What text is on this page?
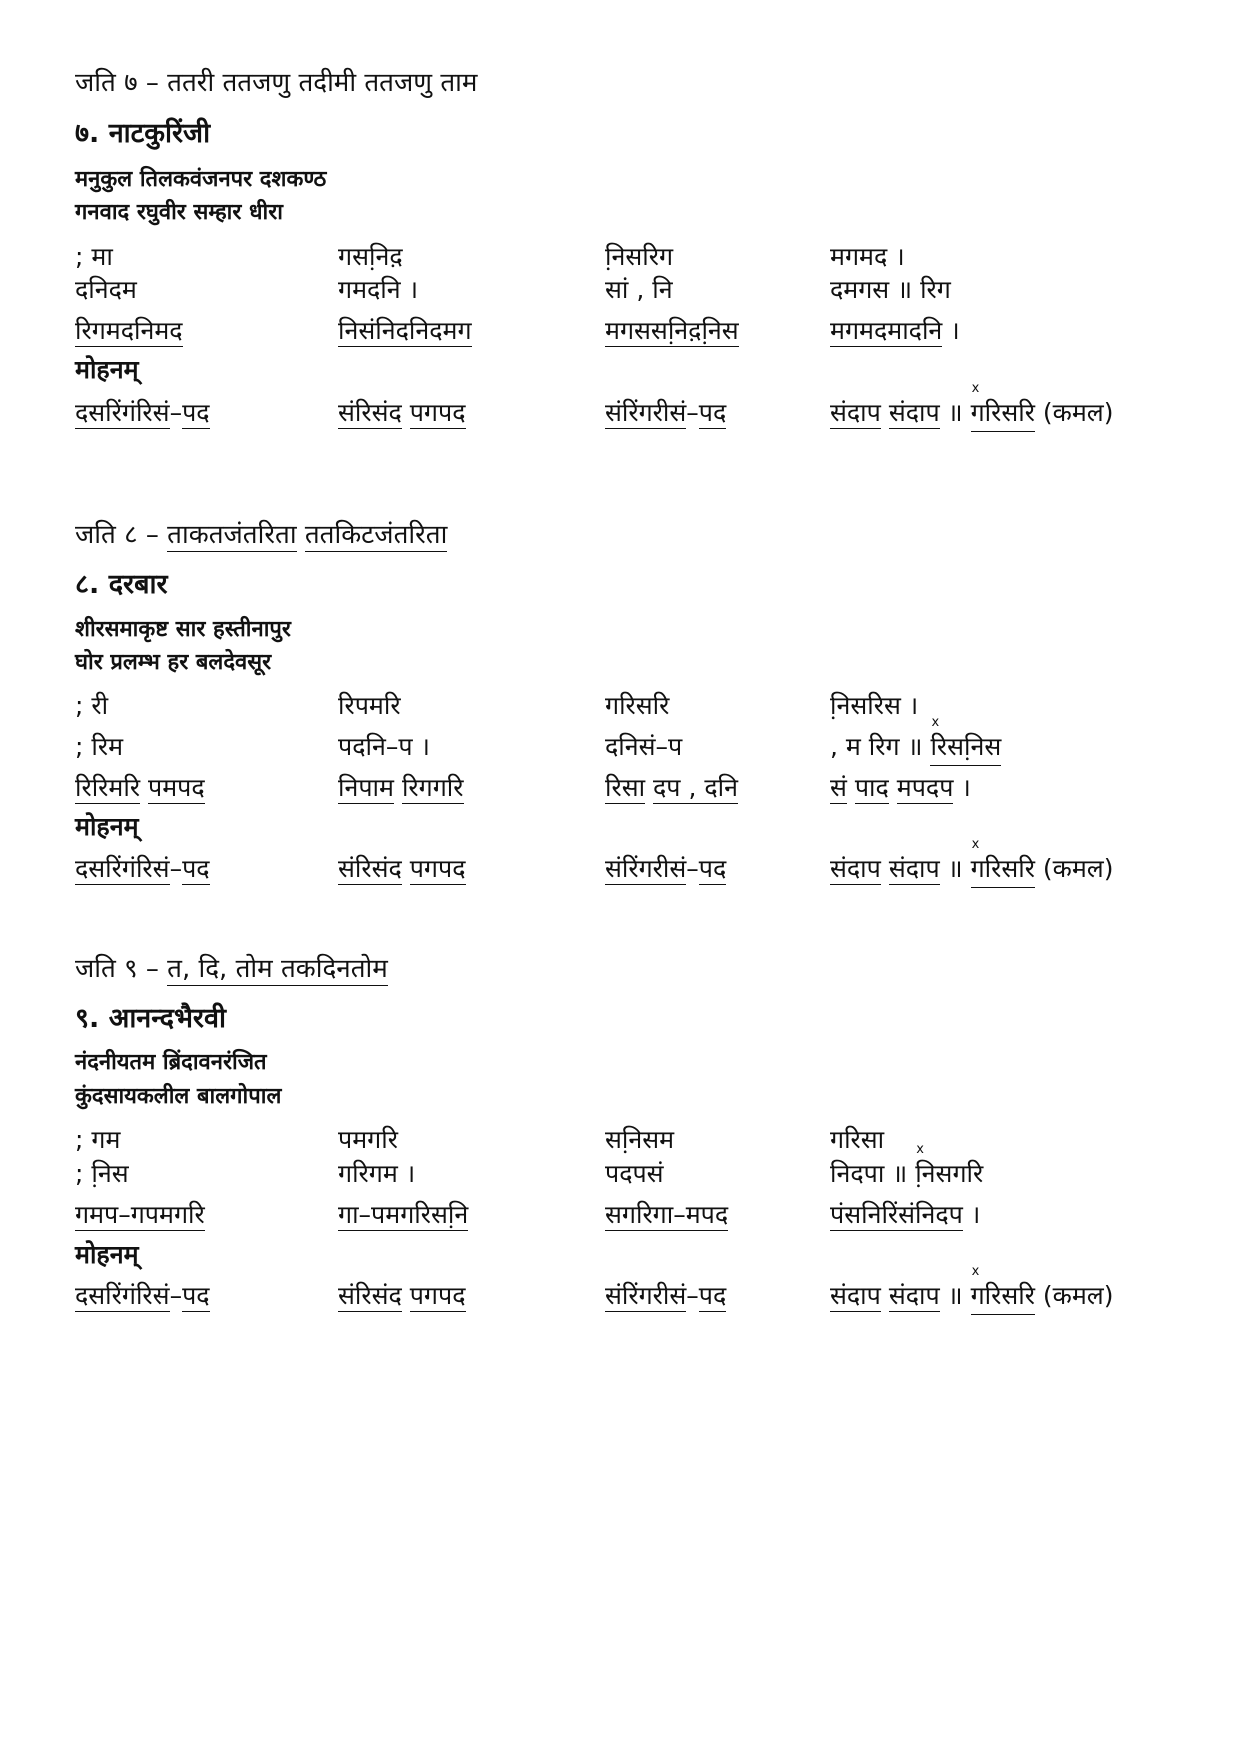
जति ७ – ततरी ततजणु तदीमी ततजणु ताम
७. नाटकुरिंजी
मनुकुल तिलकवंजनपर दशकण्ठ
गनवाद रघुवीर सम्हार धीरा
; मा	गसनि़द़	नि़सरिग	मगमद ।
दनिदम	गमदनि ।	सां , नि	दमगस ॥ रिग
रिगमदनिमद	निसंनिदनिदमग	मगससनि़द़नि़स	मगमदमादनि ।
मोहनम्
दसरिंगंरिसं–पद	संरिसंद पगपद	संरिंगरीसं–पद	संदाप संदाप ॥ x गरिसरि (कमल)
जति ८ – ताकतजंतरिता ततकिटजंतरिता
८. दरबार
शीरसमाकृष्ट सार हस्तीनापुर
घोर प्रलम्भ हर बलदेवसूर
; री	रिपमरि	गरिसरि	नि़सरिस ।
; रिम	पदनि–प ।	दनिसं–प	, म रिग ॥ x रिसनि़स
रिरिमरि पमपद	निपाम रिगगरि	रिसा दप , दनि	सं पाद मपदप ।
मोहनम्
दसरिंगंरिसं–पद	संरिसंद पगपद	संरिंगरीसं–पद	संदाप संदाप ॥ x गरिसरि (कमल)
जति ९ – त, दि, तोम तकदिनतोम
९. आनन्दभैरवी
नंदनीयतम ब्रिंदावनरंजित
कुंदसायकलील बालगोपाल
; गम	पमगरि	सनि़सम	गरिसा
; नि़स	गरिगम ।	पदपसं	निदपा ॥ x नि़सगरि
गमप–गपमगरि	गा–पमगरिसनि़	सगरिगा–मपद	पंसनिरिंसंनिदप ।
मोहनम्
दसरिंगंरिसं–पद	संरिसंद पगपद	संरिंगरीसं–पद	संदाप संदाप ॥ x गरिसरि (कमल)
